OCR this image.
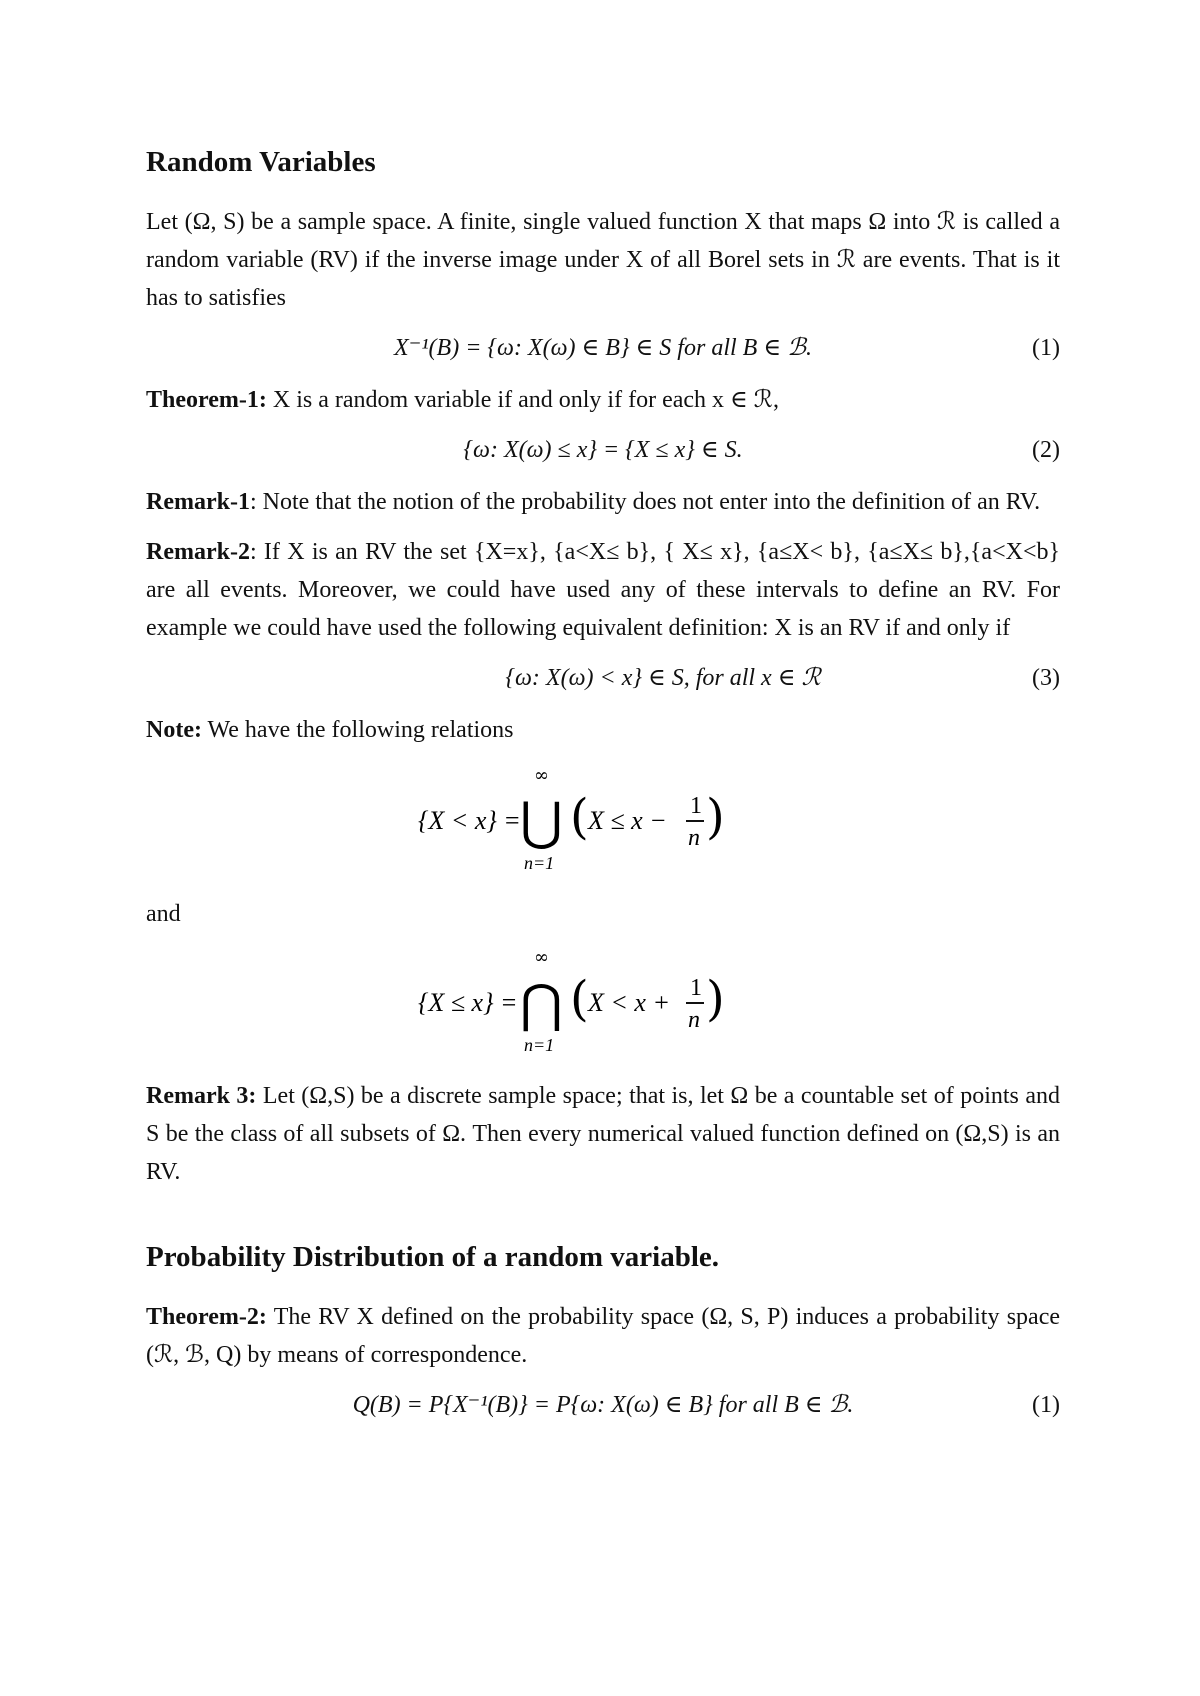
Random Variables

Let (Ω, S) be a sample space. A finite, single valued function X that maps Ω into ℛ is called a random variable (RV) if the inverse image under X of all Borel sets in ℛ are events. That is it has to satisfies

X⁻¹(B) = {ω: X(ω) ∈ B} ∈ S for all B ∈ ℬ.	(1)

Theorem-1: X is a random variable if and only if for each x ∈ ℛ,

{ω: X(ω) ≤ x} = {X ≤ x} ∈ S.	(2)

Remark-1: Note that the notion of the probability does not enter into the definition of an RV.

Remark-2: If X is an RV the set {X=x}, {a<X≤ b}, { X≤ x}, {a≤X< b}, {a≤X≤ b},{a<X<b} are all events. Moreover, we could have used any of these intervals to define an RV. For example we could have used the following equivalent definition: X is an RV if and only if

{ω: X(ω) < x} ∈ S, for all x ∈ ℛ	(3)

Note: We have the following relations

{X < x} =
∞
⋃
n=1
( X ≤ x − 1
n )
and
{X ≤ x} =
∞
⋂
n=1
( X < x + 1
n )

Remark 3: Let (Ω,S) be a discrete sample space; that is, let Ω be a countable set of points and S be the class of all subsets of Ω. Then every numerical valued function defined on (Ω,S) is an RV.

Probability Distribution of a random variable.

Theorem-2: The RV X defined on the probability space (Ω, S, P) induces a probability space (ℛ, ℬ, Q) by means of correspondence.

Q(B) = P{X⁻¹(B)} = P{ω: X(ω) ∈ B} for all B ∈ ℬ.	(1)
